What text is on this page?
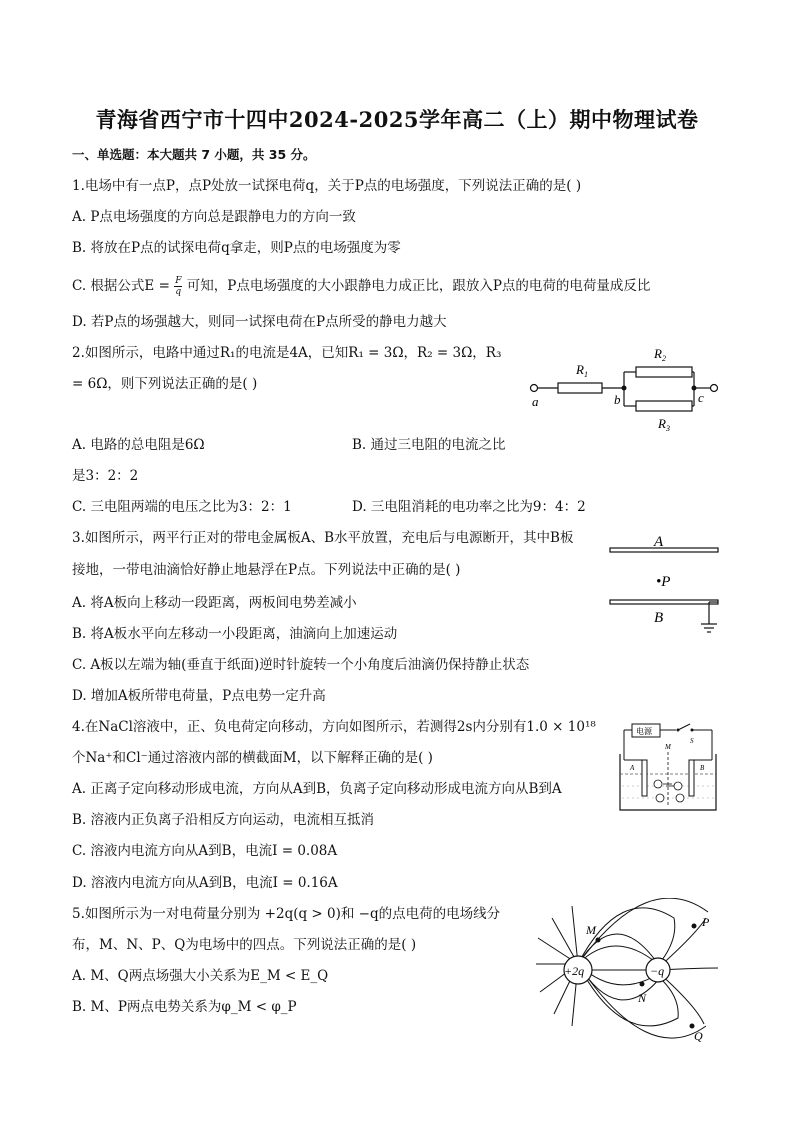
青海省西宁市十四中2024-2025学年高二（上）期中物理试卷
一、单选题：本大题共 7 小题，共 35 分。
1.电场中有一点P，点P处放一试探电荷q，关于P点的电场强度，下列说法正确的是( )
A. P点电场强度的方向总是跟静电力的方向一致
B. 将放在P点的试探电荷q拿走，则P点的电场强度为零
C. 根据公式$E = \frac{F}{q}$ 可知，P点电场强度的大小跟静电力成正比，跟放入P点的电荷的电荷量成反比
D. 若P点的场强越大，则同一试探电荷在P点所受的静电力越大
2.如图所示，电路中通过R₁的电流是4A，已知R₁ = 3Ω，R₂ = 3Ω，R₃
= 6Ω，则下列说法正确的是( )
$R_1$
$R_2$
$R_3$
a	b	c
A. 电路的总电阻是6Ω	B. 通过三电阻的电流之比
是3：2：2
C. 三电阻两端的电压之比为3：2：1	D. 三电阻消耗的电功率之比为9：4：2
3.如图所示，两平行正对的带电金属板A、B水平放置，充电后与电源断开，其中B板
接地，一带电油滴恰好静止地悬浮在P点。下列说法中正确的是( )
A
•P
B
A. 将A板向上移动一段距离，两板间电势差减小
B. 将A板水平向左移动一小段距离，油滴向上加速运动
C. A板以左端为轴(垂直于纸面)逆时针旋转一个小角度后油滴仍保持静止状态
D. 增加A板所带电荷量，P点电势一定升高
4.在NaCl溶液中，正、负电荷定向移动，方向如图所示，若测得2s内分别有1.0 × 10¹⁸
个Na⁺和Cl⁻通过溶液内部的横截面M，以下解释正确的是( )
电源
S
M
A	B
A. 正离子定向移动形成电流，方向从A到B，负离子定向移动形成电流方向从B到A
B. 溶液内正负离子沿相反方向运动，电流相互抵消
C. 溶液内电流方向从A到B，电流I = 0.08A
D. 溶液内电流方向从A到B，电流I = 0.16A
5.如图所示为一对电荷量分别为 +2q(q > 0)和 −q的点电荷的电场线分
布，M、N、P、Q为电场中的四点。下列说法正确的是( )
A. M、Q两点场强大小关系为E_M < E_Q
B. M、P两点电势关系为φ_M < φ_P
+2q	−q
M
N
P
Q
